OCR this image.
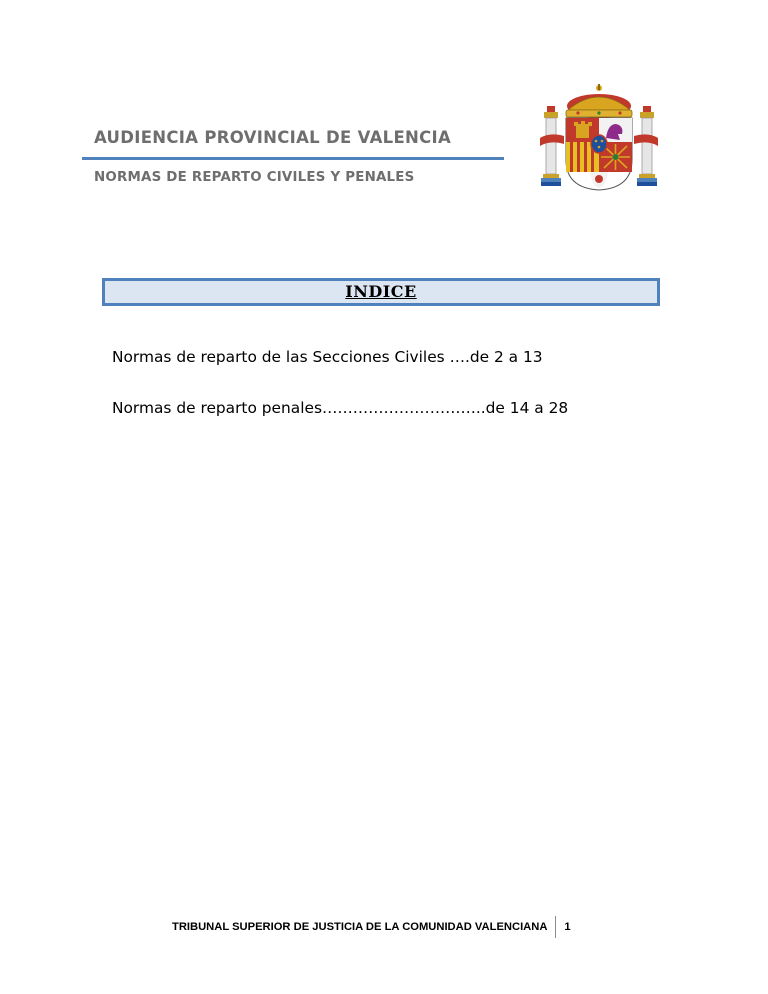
AUDIENCIA PROVINCIAL DE VALENCIA
NORMAS DE REPARTO CIVILES Y PENALES
INDICE
Normas de reparto de las Secciones Civiles ….de 2 a 13
Normas de reparto penales…………………………..de 14 a 28
TRIBUNAL SUPERIOR DE JUSTICIA DE LA COMUNIDAD VALENCIANA 1
